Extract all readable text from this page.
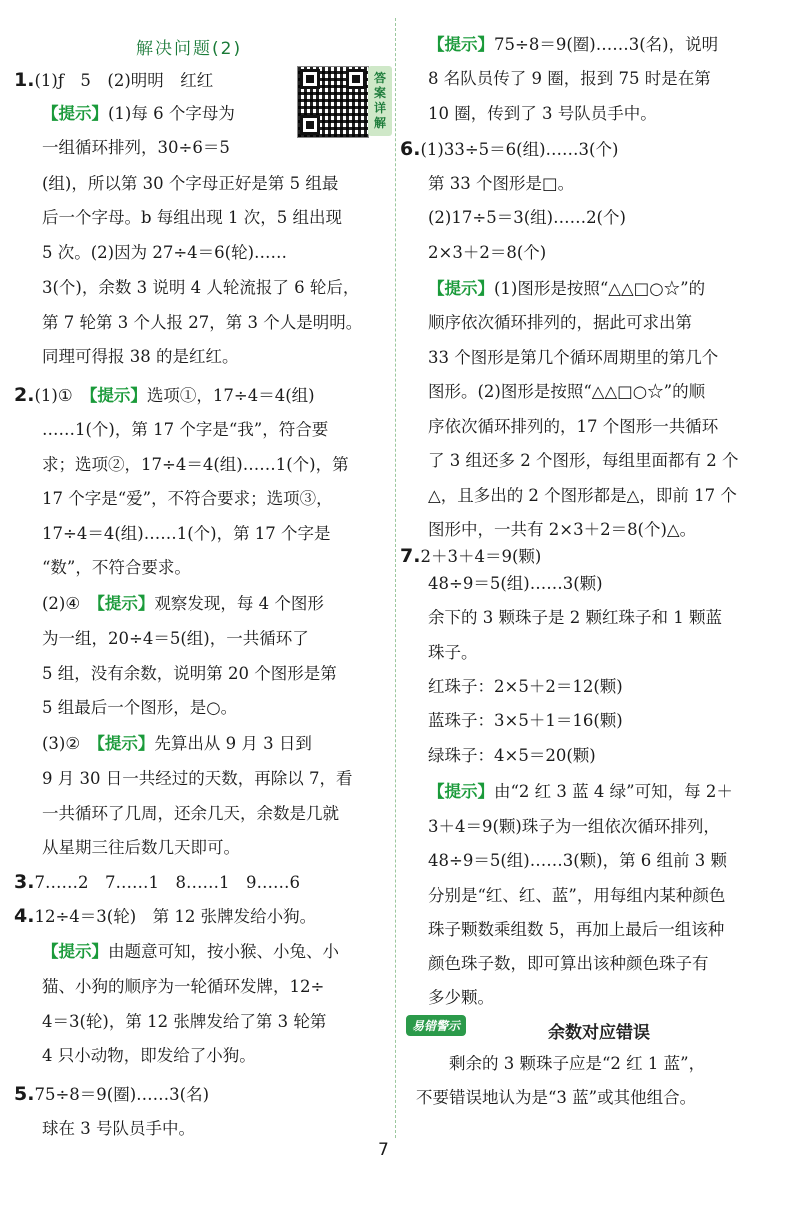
解决问题(2)
答
案
详
解
1.(1)ƒ　5　(2)明明　红红
【提示】(1)每 6 个字母为
一组循环排列，30÷6＝5
(组)，所以第 30 个字母正好是第 5 组最
后一个字母。b 每组出现 1 次，5 组出现
5 次。(2)因为 27÷4＝6(轮)……
3(个)，余数 3 说明 4 人轮流报了 6 轮后，
第 7 轮第 3 个人报 27，第 3 个人是明明。
同理可得报 38 的是红红。
2.(1)①　【提示】选项①，17÷4＝4(组)
……1(个)，第 17 个字是“我”，符合要
求；选项②，17÷4＝4(组)……1(个)，第
17 个字是“爱”，不符合要求；选项③，
17÷4＝4(组)……1(个)，第 17 个字是
“数”，不符合要求。
(2)④　【提示】观察发现，每 4 个图形
为一组，20÷4＝5(组)，一共循环了
5 组，没有余数，说明第 20 个图形是第
5 组最后一个图形，是○。
(3)②　【提示】先算出从 9 月 3 日到
9 月 30 日一共经过的天数，再除以 7，看
一共循环了几周，还余几天，余数是几就
从星期三往后数几天即可。
3.7……2　7……1　8……1　9……6
4.12÷4＝3(轮)　第 12 张牌发给小狗。
【提示】由题意可知，按小猴、小兔、小
猫、小狗的顺序为一轮循环发牌，12÷
4＝3(轮)，第 12 张牌发给了第 3 轮第
4 只小动物，即发给了小狗。
5.75÷8＝9(圈)……3(名)
球在 3 号队员手中。
【提示】75÷8＝9(圈)……3(名)，说明
8 名队员传了 9 圈，报到 75 时是在第
10 圈，传到了 3 号队员手中。
6.(1)33÷5＝6(组)……3(个)
第 33 个图形是□。
(2)17÷5＝3(组)……2(个)
2×3＋2＝8(个)
【提示】(1)图形是按照“△△□○☆”的
顺序依次循环排列的，据此可求出第
33 个图形是第几个循环周期里的第几个
图形。(2)图形是按照“△△□○☆”的顺
序依次循环排列的，17 个图形一共循环
了 3 组还多 2 个图形，每组里面都有 2 个
△，且多出的 2 个图形都是△，即前 17 个
图形中，一共有 2×3＋2＝8(个)△。
7.2＋3＋4＝9(颗)
48÷9＝5(组)……3(颗)
余下的 3 颗珠子是 2 颗红珠子和 1 颗蓝
珠子。
红珠子：2×5＋2＝12(颗)
蓝珠子：3×5＋1＝16(颗)
绿珠子：4×5＝20(颗)
【提示】由“2 红 3 蓝 4 绿”可知，每 2＋
3＋4＝9(颗)珠子为一组依次循环排列，
48÷9＝5(组)……3(颗)，第 6 组前 3 颗
分别是“红、红、蓝”，用每组内某种颜色
珠子颗数乘组数 5，再加上最后一组该种
颜色珠子数，即可算出该种颜色珠子有
多少颗。
易错警示	余数对应错误
　　剩余的 3 颗珠子应是“2 红 1 蓝”，
不要错误地认为是“3 蓝”或其他组合。
7
